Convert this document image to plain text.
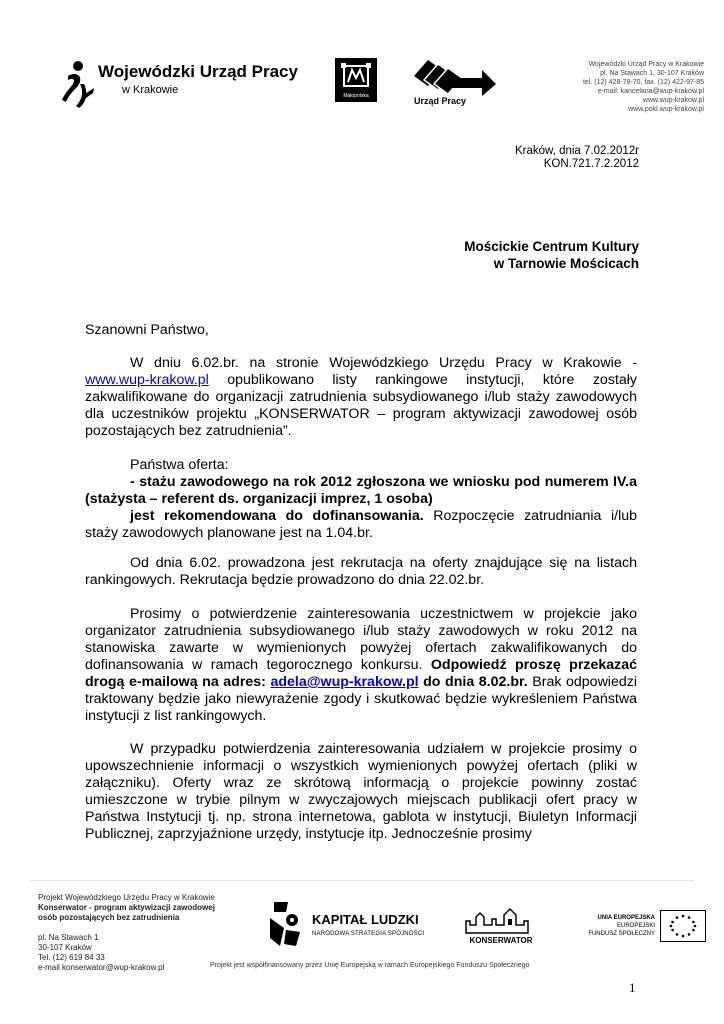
Wojewódzki Urząd Pracy
w Krakowie	Małopolska	Urząd Pracy
Wojewódzki Urząd Pracy w Krakowie
pl. Na Stawach 1, 30-107 Kraków
tel. (12) 428-78-70, fax. (12) 422-97-85
e-mail: kancelaria@wup-krakow.pl
www.wup-krakow.pl
www.pokl.wup-krakow.pl
Kraków, dnia 7.02.2012r
KON.721.7.2.2012
Mościckie Centrum Kultury
w Tarnowie Mościcach
Szanowni Państwo,
W dniu 6.02.br. na stronie Wojewódzkiego Urzędu Pracy w Krakowie - www.wup-krakow.pl opublikowano listy rankingowe instytucji, które zostały zakwalifikowane do organizacji zatrudnienia subsydiowanego i/lub staży zawodowych dla uczestników projektu „KONSERWATOR – program aktywizacji zawodowej osób pozostających bez zatrudnienia”.
Państwa oferta:
- stażu zawodowego na rok 2012 zgłoszona we wniosku pod numerem IV.a (stażysta – referent ds. organizacji imprez, 1 osoba)
jest rekomendowana do dofinansowania. Rozpoczęcie zatrudniania i/lub staży zawodowych planowane jest na 1.04.br.
Od dnia 6.02. prowadzona jest rekrutacja na oferty znajdujące się na listach rankingowych. Rekrutacja będzie prowadzono do dnia 22.02.br.
Prosimy o potwierdzenie zainteresowania uczestnictwem w projekcie jako organizator zatrudnienia subsydiowanego i/lub staży zawodowych w roku 2012 na stanowiska zawarte w wymienionych powyżej ofertach zakwalifikowanych do dofinansowania w ramach tegorocznego konkursu. Odpowiedź proszę przekazać drogą e-mailową na adres: adela@wup-krakow.pl do dnia 8.02.br. Brak odpowiedzi traktowany będzie jako niewyrażenie zgody i skutkować będzie wykreśleniem Państwa instytucji z list rankingowych.
W przypadku potwierdzenia zainteresowania udziałem w projekcie prosimy o upowszechnienie informacji o wszystkich wymienionych powyżej ofertach (pliki w załączniku). Oferty wraz ze skrótową informacją o projekcie powinny zostać umieszczone w trybie pilnym w zwyczajowych miejscach publikacji ofert pracy w Państwa Instytucji tj. np. strona internetowa, gablota w instytucji, Biuletyn Informacji Publicznej, zaprzyjaźnione urzędy, instytucje itp. Jednocześnie prosimy
Projekt Wojewódzkiego Urzędu Pracy w Krakowie
Konserwator - program aktywizacji zawodowej
osób pozostających bez zatrudnienia
pl. Na Stawach 1
30-107 Kraków
Tel. (12) 619 84 33
e-mail konserwator@wup-krakow.pl
KAPITAŁ LUDZKI
NARODOWA STRATEGIA SPÓJNOŚCI
KONSERWATOR
UNIA EUROPEJSKA
EUROPEJSKI
FUNDUSZ SPOŁECZNY
Projekt jest współfinansowany przez Unię Europejską w ramach Europejskiego Funduszu Społecznego
1
